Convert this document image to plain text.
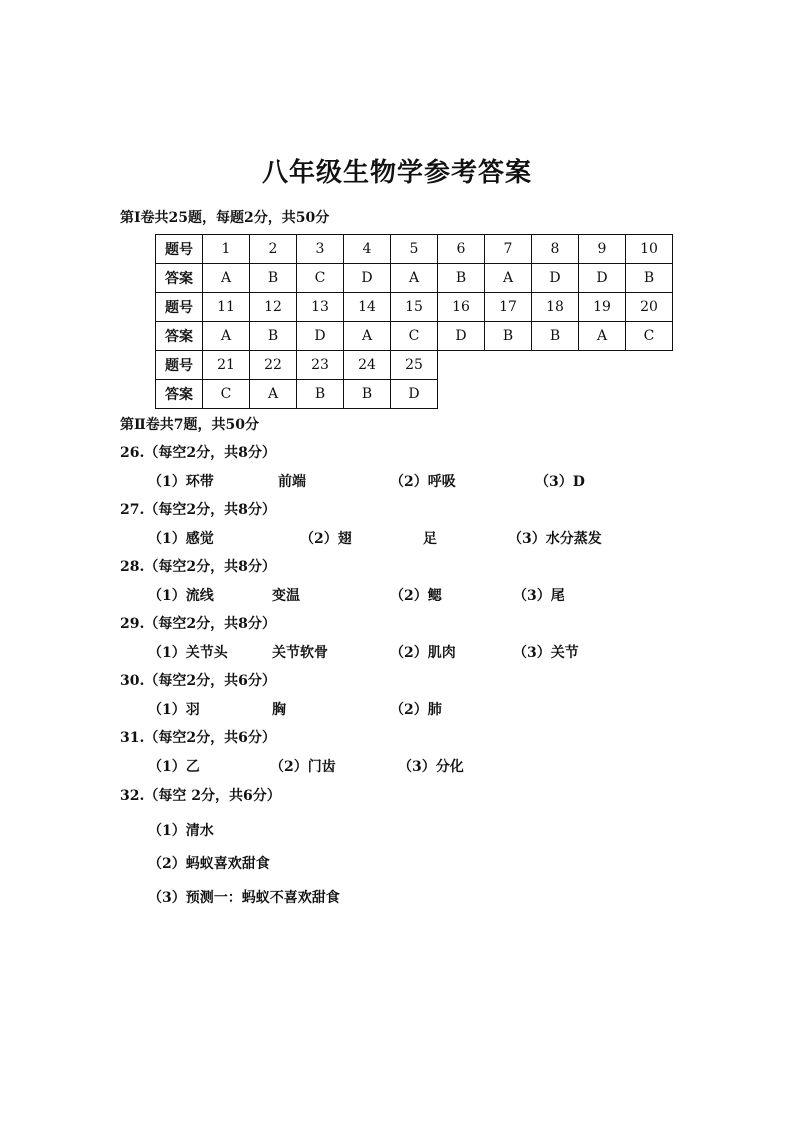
八年级生物学参考答案
第Ⅰ卷共25题，每题2分，共50分
题号	1	2	3	4	5	6	7	8	9	10
答案	A	B	C	D	A	B	A	D	D	B
题号	11	12	13	14	15	16	17	18	19	20
答案	A	B	D	A	C	D	B	B	A	C
题号	21	22	23	24	25					
答案	C	A	B	B	D					
第Ⅱ卷共7题，共50分
26.（每空2分，共8分）
（1）环带	前端	（2）呼吸	（3）D
27.（每空2分，共8分）
（1）感觉	（2）翅	足	（3）水分蒸发
28.（每空2分，共8分）
（1）流线	变温	（2）鳃	（3）尾
29.（每空2分，共8分）
（1）关节头	关节软骨	（2）肌肉	（3）关节
30.（每空2分，共6分）
（1）羽	胸	（2）肺
31.（每空2分，共6分）
（1）乙	（2）门齿	（3）分化
32.（每空 2分，共6分）
（1）清水
（2）蚂蚁喜欢甜食
（3）预测一：蚂蚁不喜欢甜食
